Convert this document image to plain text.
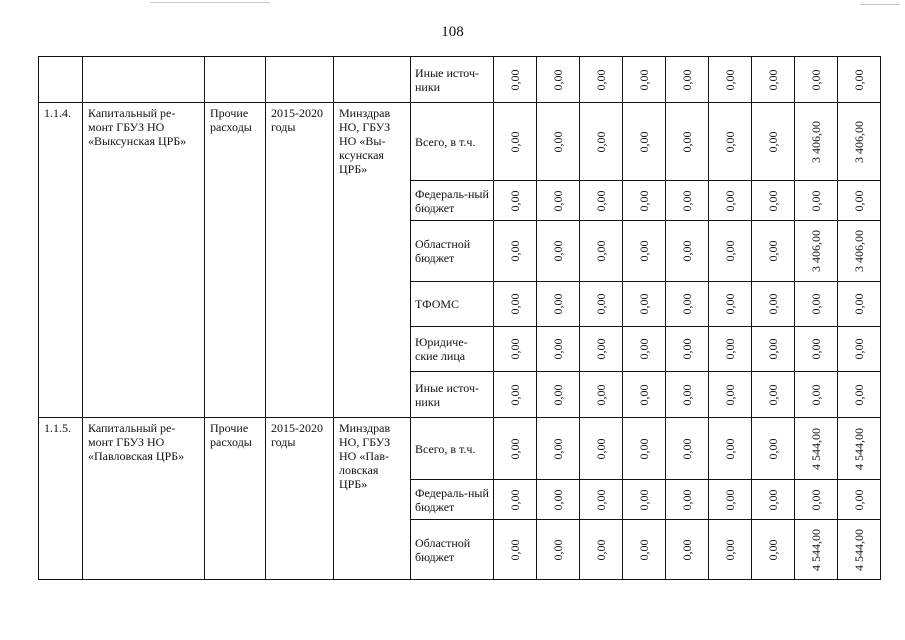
108

					Иные источ-ники	0,00	0,00	0,00	0,00	0,00	0,00	0,00	0,00	0,00

1.1.4.	Капитальный ре-монт ГБУЗ НО «Выксунская ЦРБ»	Прочие расходы	2015-2020 годы	Минздрав НО, ГБУЗ НО «Вы-ксунская ЦРБ»	Всего, в т.ч.	0,00	0,00	0,00	0,00	0,00	0,00	0,00	3 406,00	3 406,00

					Федераль-ный бюджет	0,00	0,00	0,00	0,00	0,00	0,00	0,00	0,00	0,00

					Областной бюджет	0,00	0,00	0,00	0,00	0,00	0,00	0,00	3 406,00	3 406,00

					ТФОМС	0,00	0,00	0,00	0,00	0,00	0,00	0,00	0,00	0,00

					Юридиче-ские лица	0,00	0,00	0,00	0,00	0,00	0,00	0,00	0,00	0,00

					Иные источ-ники	0,00	0,00	0,00	0,00	0,00	0,00	0,00	0,00	0,00

1.1.5.	Капитальный ре-монт ГБУЗ НО «Павловская ЦРБ»	Прочие расходы	2015-2020 годы	Минздрав НО, ГБУЗ НО «Пав-ловская ЦРБ»	Всего, в т.ч.	0,00	0,00	0,00	0,00	0,00	0,00	0,00	4 544,00	4 544,00

					Федераль-ный бюджет	0,00	0,00	0,00	0,00	0,00	0,00	0,00	0,00	0,00

					Областной бюджет	0,00	0,00	0,00	0,00	0,00	0,00	0,00	4 544,00	4 544,00
